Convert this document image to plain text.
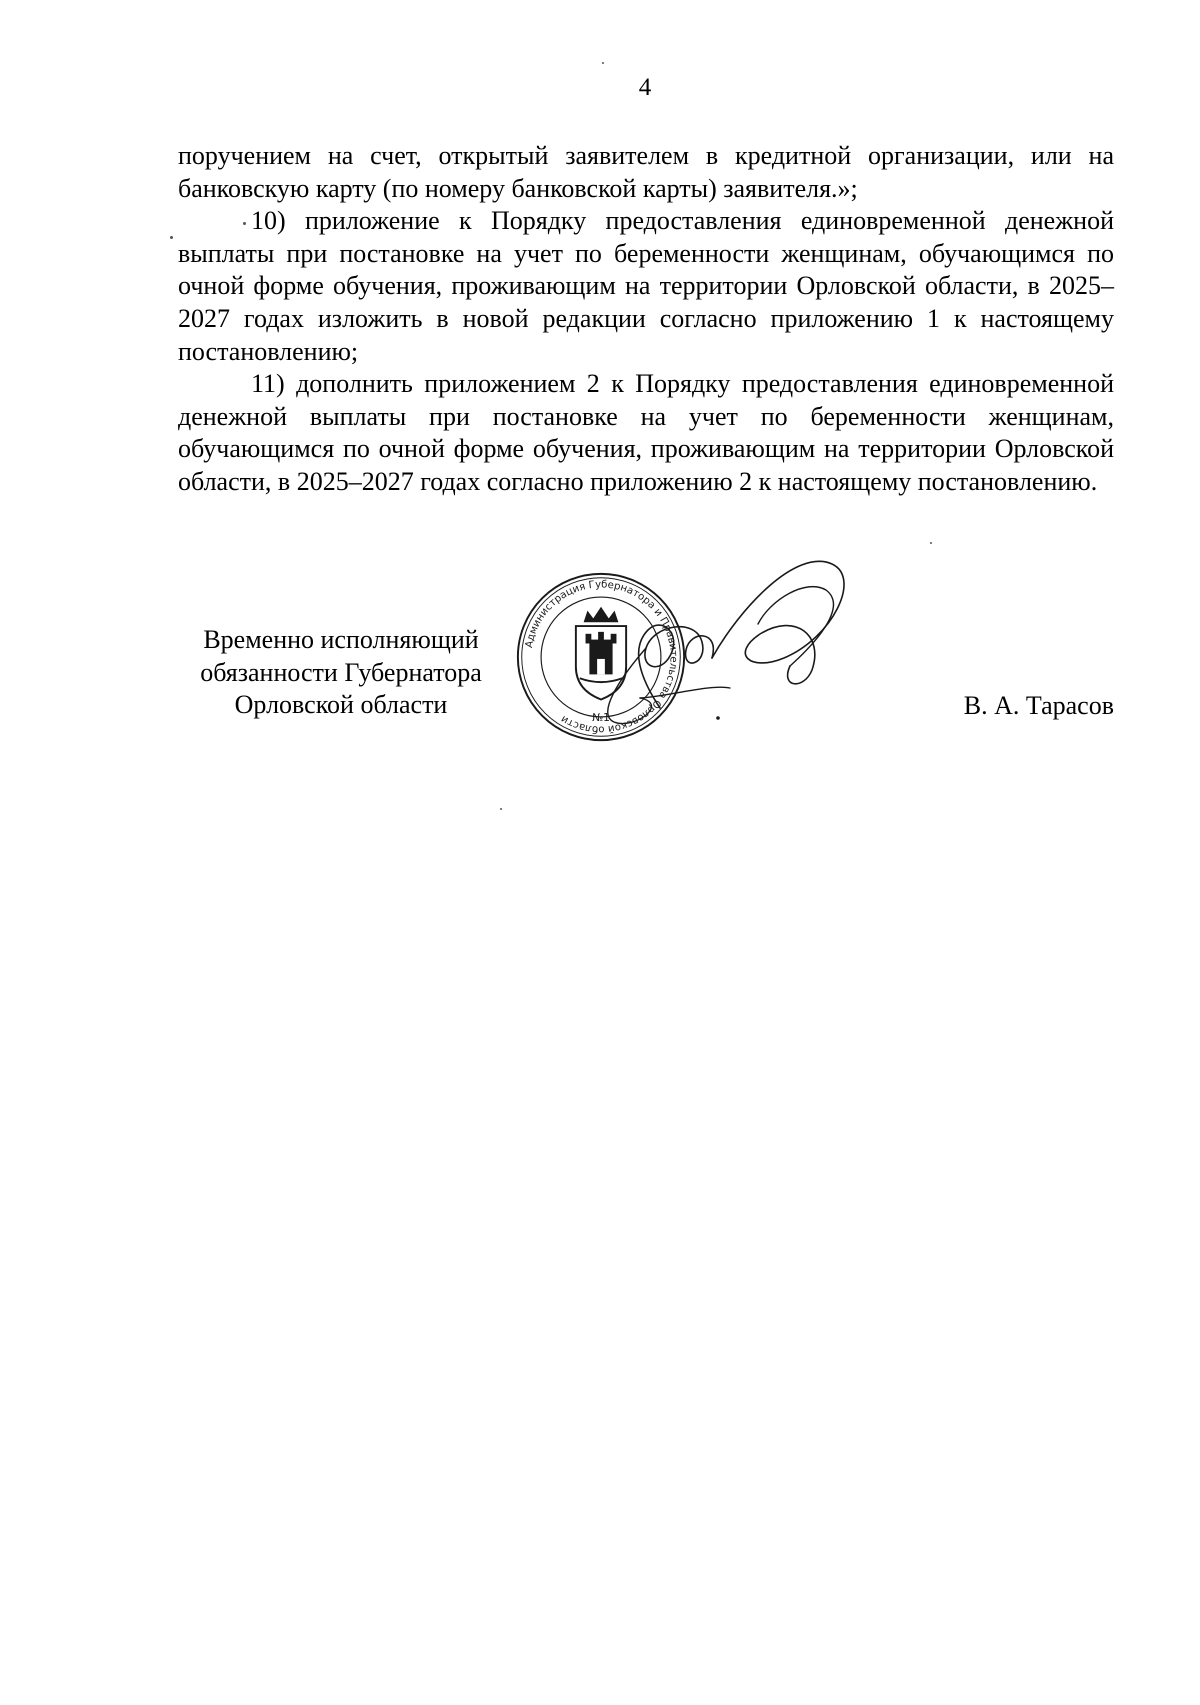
4

поручением на счет, открытый заявителем в кредитной организации, или на банковскую карту (по номеру банковской карты) заявителя.»;

10) приложение к Порядку предоставления единовременной денежной выплаты при постановке на учет по беременности женщинам, обучающимся по очной форме обучения, проживающим на территории Орловской области, в 2025–2027 годах изложить в новой редакции согласно приложению 1 к настоящему постановлению;

11) дополнить приложением 2 к Порядку предоставления единовременной денежной выплаты при постановке на учет по беременности женщинам, обучающимся по очной форме обучения, проживающим на территории Орловской области, в 2025–2027 годах согласно приложению 2 к настоящему постановлению.

Временно исполняющий
обязанности Губернатора
Орловской области
Администрация Губернатора и Правительства Орловской области	№1	В. А. Тарасов
